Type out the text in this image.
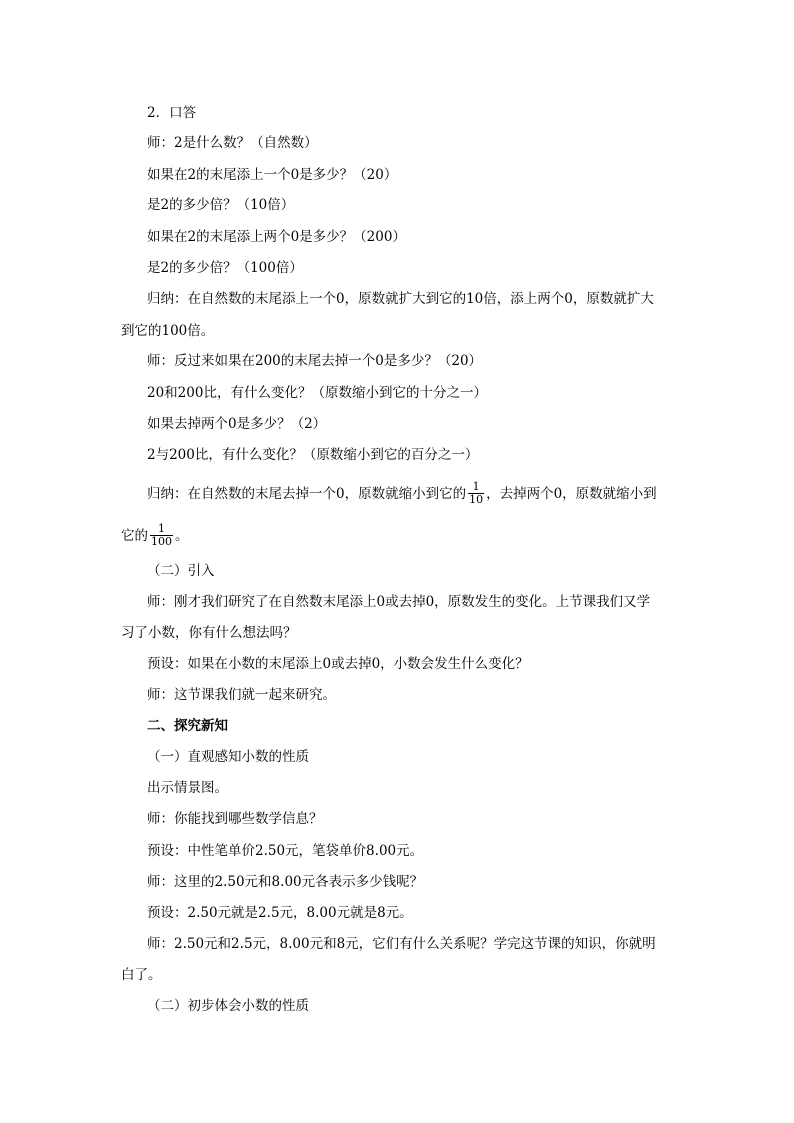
2．口答
师：2是什么数？（自然数）
如果在2的末尾添上一个0是多少？（20）
是2的多少倍？（10倍）
如果在2的末尾添上两个0是多少？（200）
是2的多少倍？（100倍）
归纳：在自然数的末尾添上一个0，原数就扩大到它的10倍，添上两个0，原数就扩大
到它的100倍。
师：反过来如果在200的末尾去掉一个0是多少？（20）
20和200比，有什么变化？（原数缩小到它的十分之一）
如果去掉两个0是多少？（2）
2与200比，有什么变化？（原数缩小到它的百分之一）
归纳：在自然数的末尾去掉一个0，原数就缩小到它的 $\frac{1}{10}$ ，去掉两个0，原数就缩小到
它的 $\frac{1}{100}$ 。
（二）引入
师：刚才我们研究了在自然数末尾添上0或去掉0，原数发生的变化。上节课我们又学
习了小数，你有什么想法吗？
预设：如果在小数的末尾添上0或去掉0，小数会发生什么变化？
师：这节课我们就一起来研究。
二、探究新知
（一）直观感知小数的性质
出示情景图。
师：你能找到哪些数学信息？
预设：中性笔单价2.50元，笔袋单价8.00元。
师：这里的2.50元和8.00元各表示多少钱呢？
预设：2.50元就是2.5元，8.00元就是8元。
师：2.50元和2.5元，8.00元和8元，它们有什么关系呢？学完这节课的知识，你就明
白了。
（二）初步体会小数的性质
